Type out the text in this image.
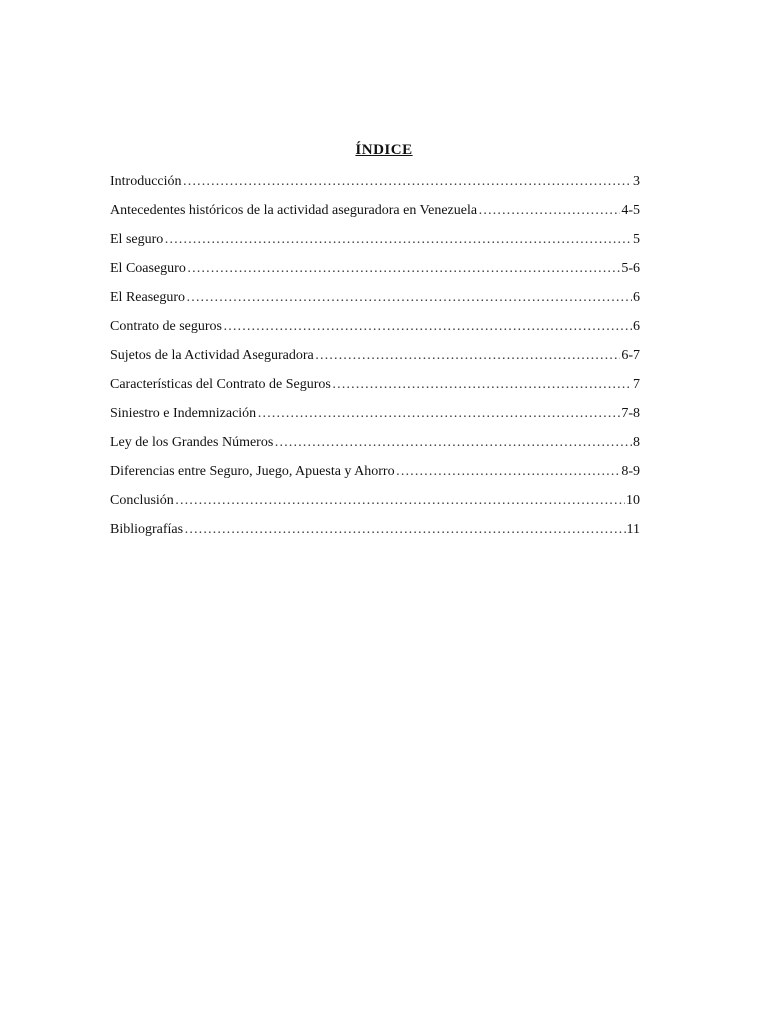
ÍNDICE
Introducción ………………………………………………………………………………………………………………………………………………………………………………	3
Antecedentes históricos de la actividad aseguradora en Venezuela ………………………………………………………………………………………………………………………………………………………………………………	4-5
El seguro ………………………………………………………………………………………………………………………………………………………………………………	5
El Coaseguro ………………………………………………………………………………………………………………………………………………………………………………	5-6
El Reaseguro ………………………………………………………………………………………………………………………………………………………………………………	6
Contrato de seguros ………………………………………………………………………………………………………………………………………………………………………………	6
Sujetos de la Actividad Aseguradora ………………………………………………………………………………………………………………………………………………………………………………	6-7
Características del Contrato de Seguros ………………………………………………………………………………………………………………………………………………………………………………	7
Siniestro e Indemnización ………………………………………………………………………………………………………………………………………………………………………………	7-8
Ley de los Grandes Números ………………………………………………………………………………………………………………………………………………………………………………	8
Diferencias entre Seguro, Juego, Apuesta y Ahorro ………………………………………………………………………………………………………………………………………………………………………………	8-9
Conclusión ………………………………………………………………………………………………………………………………………………………………………………	10
Bibliografías ………………………………………………………………………………………………………………………………………………………………………………	11
